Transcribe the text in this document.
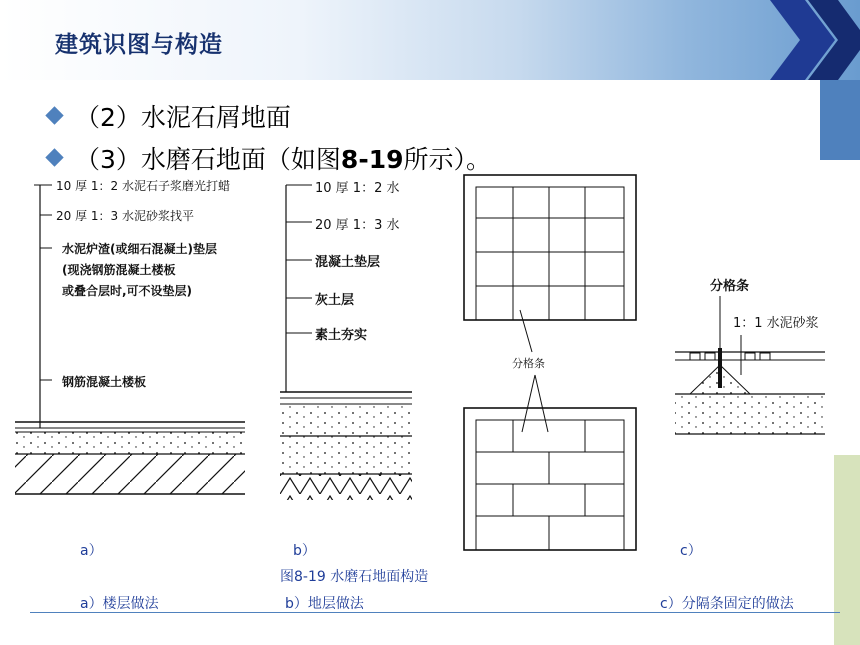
建筑识图与构造
（2）水泥石屑地面
（3）水磨石地面（如图8-19所示）。
10 厚 1：2 水泥石子浆磨光打蜡
20 厚 1：3 水泥砂浆找平
水泥炉渣(或细石混凝土)垫层
(现浇钢筋混凝土楼板
或叠合层时,可不设垫层)
钢筋混凝土楼板
10 厚 1：2 水
20 厚 1：3 水
混凝土垫层
灰土层
素土夯实
分格条
分格条
1：1 水泥砂浆
a）	b）	c）
图8-19 水磨石地面构造
a）楼层做法	b）地层做法	c）分隔条固定的做法
